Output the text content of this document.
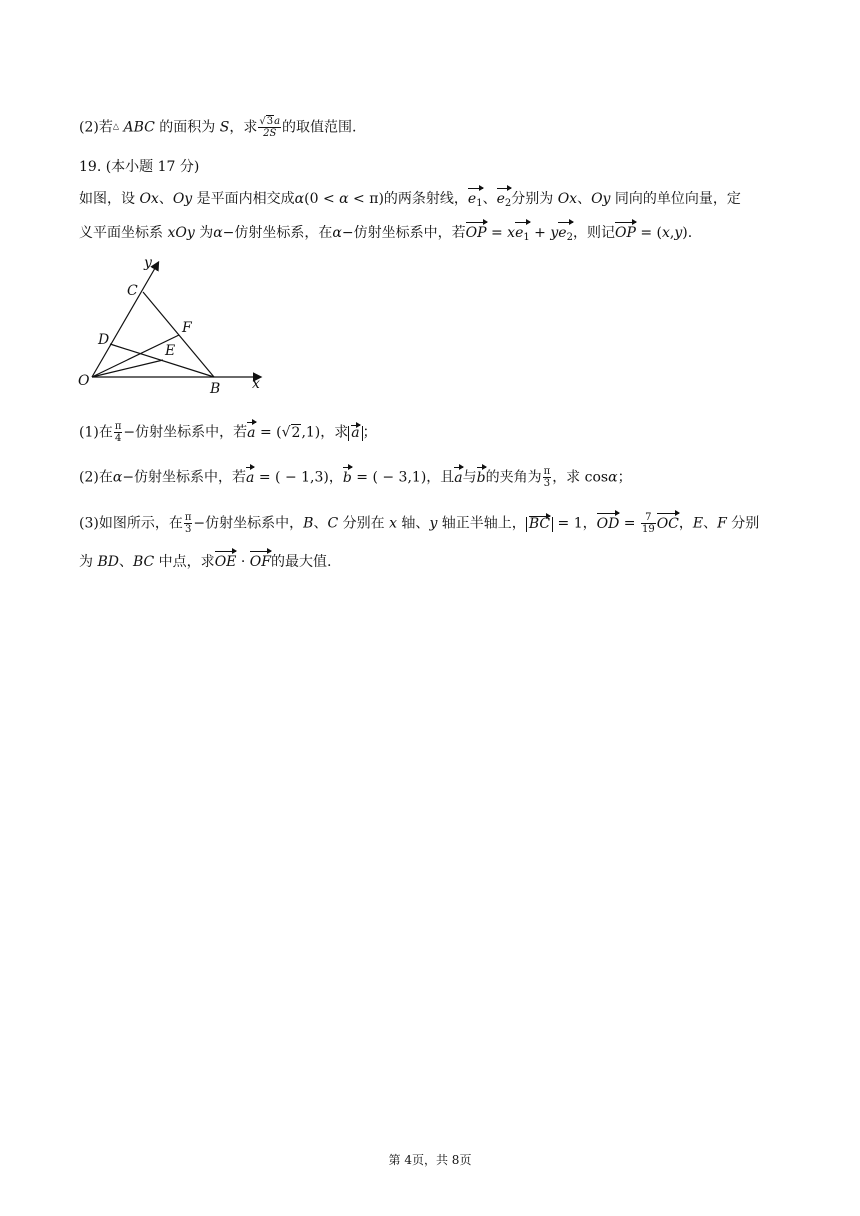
(2)若△ ABC 的面积为 S，求 $\frac{√3a}{2S}$ 的取值范围.
19. (本小题 17 分)
如图，设 Ox、Oy 是平面内相交成α(0 < α < π)的两条射线，$e_1$、$e_2$分别为 Ox、Oy 同向的单位向量，定
义平面坐标系 xOy 为α−仿射坐标系，在α−仿射坐标系中，若OP = $xe_1 + ye_2$，则记OP = (x,y).
y
C
F
D
E
O	B x
(1)在 $\frac{\pi}{4}$ −仿射坐标系中，若a = (√2,1)，求 a ；
(2)在α−仿射坐标系中，若a = ( − 1,3)，b = ( − 3,1)，且a与b的夹角为 $\frac{\pi}{3}$ ，求 cosα；
(3)如图所示，在 $\frac{\pi}{3}$ −仿射坐标系中，B、C 分别在 x 轴、y 轴正半轴上， BC = 1，OD = $\frac{7}{19}$ OC，E、F 分别
为 BD、BC 中点，求OE · OF的最大值.
第 4页，共 8页
